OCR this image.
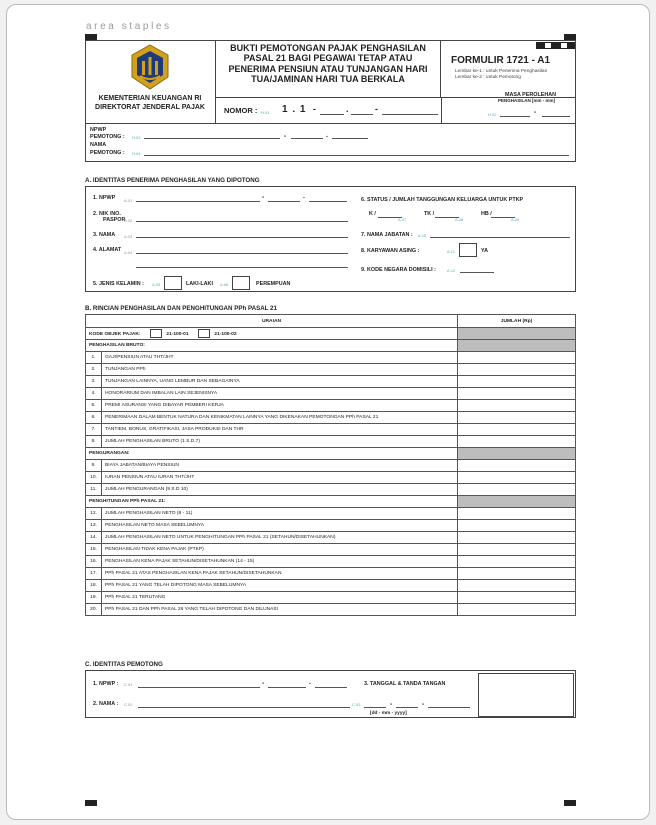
area staples
KEMENTERIAN KEUANGAN RI
DIREKTORAT JENDERAL PAJAK
BUKTI PEMOTONGAN PAJAK PENGHASILAN
PASAL 21 BAGI PEGAWAI TETAP ATAU
PENERIMA PENSIUN ATAU TUNJANGAN HARI
TUA/JAMINAN HARI TUA BERKALA
FORMULIR 1721 - A1
Lembar ke-1 : untuk Penerima Penghasilan
Lembar ke-2 : untuk Pemotong
MASA PEROLEHAN
PENGHASILAN [mm - mm]
H.02	-
NOMOR : H.01 1 . 1 -	.	-
NPWP
PEMOTONG : H.03	-	.
NAMA
PEMOTONG : H.04
A. IDENTITAS PENERIMA PENGHASILAN YANG DIPOTONG
1. NPWP A.01	-	.
2. NIK /NO.
PASPOR
A.02
3. NAMA A.03
4. ALAMAT A.04
5. JENIS KELAMIN : A.05	LAKI-LAKI A.06	PEREMPUAN
6. STATUS / JUMLAH TANGGUNGAN KELUARGA UNTUK PTKP
K /
A.07
TK /
A.08
HB /
A.09
7. NAMA JABATAN : A.10
8. KARYAWAN ASING :	A.11	YA
9. KODE NEGARA DOMISILI :	A.12
B. RINCIAN PENGHASILAN DAN PENGHITUNGAN PPh PASAL 21
URAIAN		JUMLAH (Rp)
KODE OBJEK PAJAK: 21-100-01 21-100-02		
PENGHASILAN BRUTO:		
1.	GAJI/PENSIUN ATAU THT/JHT	
2.	TUNJANGAN PPh	
3.	TUNJANGAN LAINNYA, UANG LEMBUR DAN SEBAGAINYA	
4.	HONORARIUM DAN IMBALAN LAIN SEJENISNYA	
5.	PREMI ASURANSI YANG DIBAYAR PEMBERI KERJA	
6.	PENERIMAAN DALAM BENTUK NATURA DAN KENIKMATAN LAINNYA YANG DIKENAKAN PEMOTONGAN PPh PASAL 21	
7.	TANTIEM, BONUS, GRATIFIKASI, JASA PRODUKSI DAN THR	
8.	JUMLAH PENGHASILAN BRUTO (1 S.D.7)	
PENGURANGAN:		
9.	BIAYA JABATAN/BIAYA PENSIUN	
10.	IURAN PENSIUN ATAU IURAN THT/JHT	
11.	JUMLAH PENGURANGAN (9 S.D 10)	
PENGHITUNGAN PPh PASAL 21:		
12.	JUMLAH PENGHASILAN NETO (8 - 11)	
13.	PENGHASILAN NETO MASA SEBELUMNYA	
14.	JUMLAH PENGHASILAN NETO UNTUK PENGHITUNGAN PPh PASAL 21 (SETAHUN/DISETAHUNKAN)	
15.	PENGHASILAN TIDAK KENA PAJAK (PTKP)	
16.	PENGHASILAN KENA PAJAK SETAHUN/DISETAHUNKAN (14 - 15)	
17.	PPh PASAL 21 ATAS PENGHASILAN KENA PAJAK SETAHUN/DISETAHUNKAN	
18.	PPh PASAL 21 YANG TELAH DIPOTONG MASA SEBELUMNYA	
19.	PPh PASAL 21 TERUTANG	
20.	PPh PASAL 21 DAN PPh PASAL 26 YANG TELAH DIPOTONG DAN DILUNASI	
C. IDENTITAS PEMOTONG
1. NPWP : C.01	-	.
2. NAMA : C.02
3. TANGGAL & TANDA TANGAN
C.03	-	-
[dd - mm - yyyy]
